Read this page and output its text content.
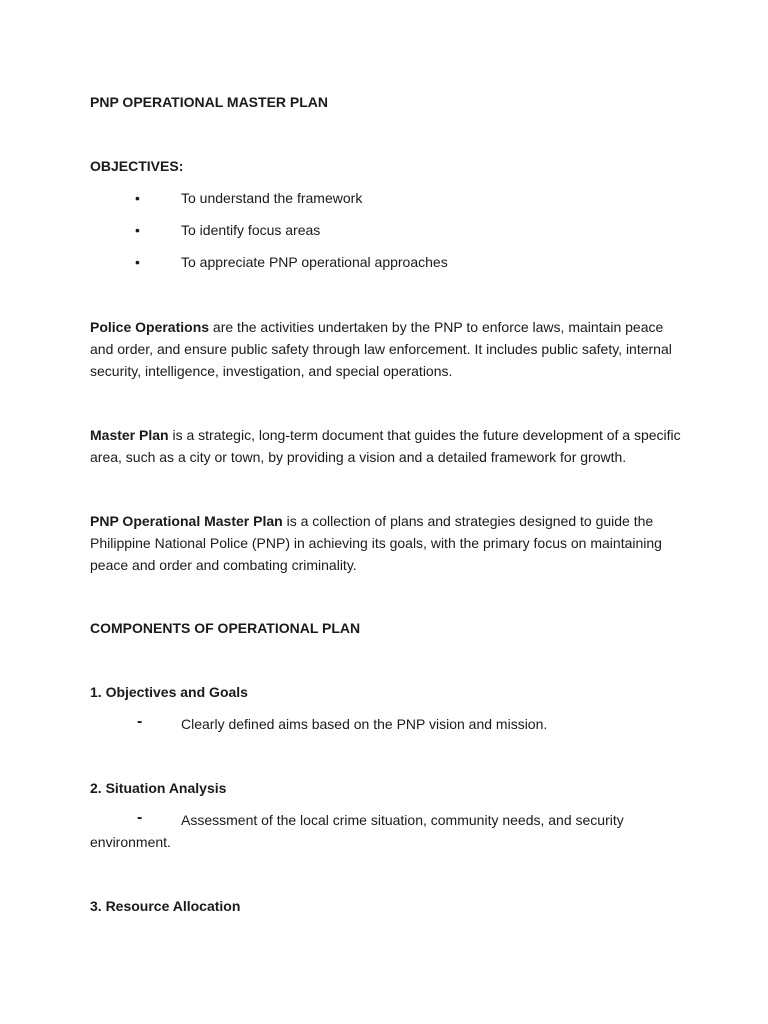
PNP OPERATIONAL MASTER PLAN
OBJECTIVES:
•	To understand the framework
•	To identify focus areas
•	To appreciate PNP operational approaches
Police Operations are the activities undertaken by the PNP to enforce laws, maintain peace and order, and ensure public safety through law enforcement. It includes public safety, internal security, intelligence, investigation, and special operations.
Master Plan is a strategic, long-term document that guides the future development of a specific area, such as a city or town, by providing a vision and a detailed framework for growth.
PNP Operational Master Plan is a collection of plans and strategies designed to guide the Philippine National Police (PNP) in achieving its goals, with the primary focus on maintaining peace and order and combating criminality.
COMPONENTS OF OPERATIONAL PLAN
1. Objectives and Goals
-	Clearly defined aims based on the PNP vision and mission.
2. Situation Analysis
-	Assessment of the local crime situation, community needs, and security
environment.
3. Resource Allocation
